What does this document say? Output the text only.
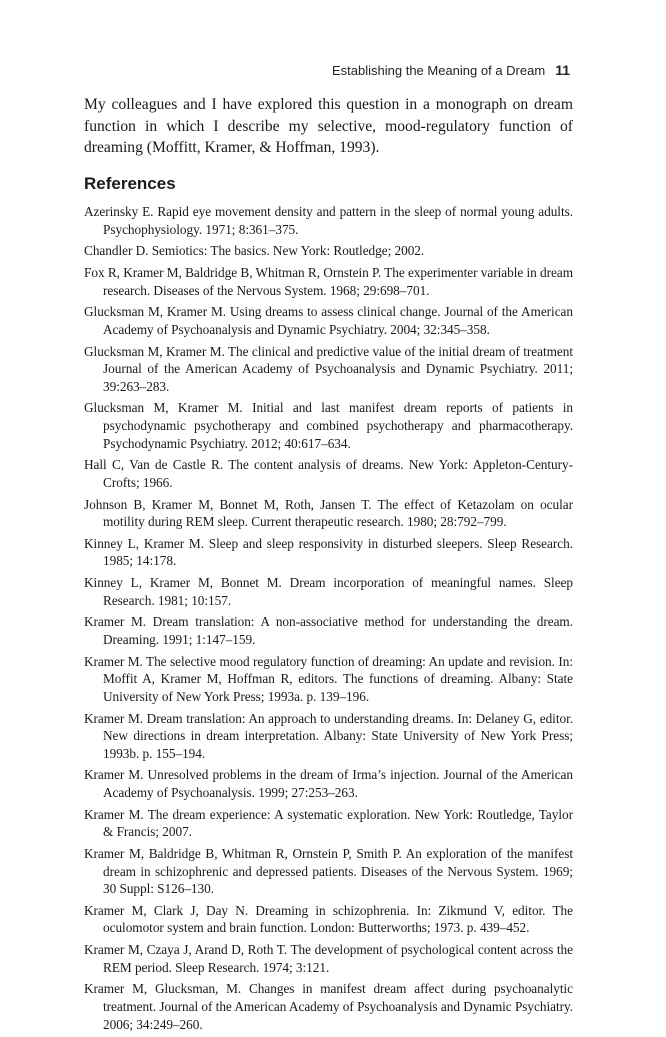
Establishing the Meaning of a Dream 11

My colleagues and I have explored this question in a monograph on dream function in which I describe my selective, mood-regulatory function of dreaming (Moffitt, Kramer, & Hoffman, 1993).

References
Azerinsky E. Rapid eye movement density and pattern in the sleep of normal young adults. Psychophysiology. 1971; 8:361–375.
Chandler D. Semiotics: The basics. New York: Routledge; 2002.
Fox R, Kramer M, Baldridge B, Whitman R, Ornstein P. The experimenter variable in dream research. Diseases of the Nervous System. 1968; 29:698–701.
Glucksman M, Kramer M. Using dreams to assess clinical change. Journal of the American Academy of Psychoanalysis and Dynamic Psychiatry. 2004; 32:345–358.
Glucksman M, Kramer M. The clinical and predictive value of the initial dream of treatment Journal of the American Academy of Psychoanalysis and Dynamic Psychiatry. 2011; 39:263–283.
Glucksman M, Kramer M. Initial and last manifest dream reports of patients in psychodynamic psychotherapy and combined psychotherapy and pharmacotherapy. Psychodynamic Psychiatry. 2012; 40:617–634.
Hall C, Van de Castle R. The content analysis of dreams. New York: Appleton-Century-Crofts; 1966.
Johnson B, Kramer M, Bonnet M, Roth, Jansen T. The effect of Ketazolam on ocular motility during REM sleep. Current therapeutic research. 1980; 28:792–799.
Kinney L, Kramer M. Sleep and sleep responsivity in disturbed sleepers. Sleep Research. 1985; 14:178.
Kinney L, Kramer M, Bonnet M. Dream incorporation of meaningful names. Sleep Research. 1981; 10:157.
Kramer M. Dream translation: A non-associative method for understanding the dream. Dreaming. 1991; 1:147–159.
Kramer M. The selective mood regulatory function of dreaming: An update and revision. In: Moffit A, Kramer M, Hoffman R, editors. The functions of dreaming. Albany: State University of New York Press; 1993a. p. 139–196.
Kramer M. Dream translation: An approach to understanding dreams. In: Delaney G, editor. New directions in dream interpretation. Albany: State University of New York Press; 1993b. p. 155–194.
Kramer M. Unresolved problems in the dream of Irma’s injection. Journal of the American Academy of Psychoanalysis. 1999; 27:253–263.
Kramer M. The dream experience: A systematic exploration. New York: Routledge, Taylor & Francis; 2007.
Kramer M, Baldridge B, Whitman R, Ornstein P, Smith P. An exploration of the manifest dream in schizophrenic and depressed patients. Diseases of the Nervous System. 1969; 30 Suppl: S126–130.
Kramer M, Clark J, Day N. Dreaming in schizophrenia. In: Zikmund V, editor. The oculomotor system and brain function. London: Butterworths; 1973. p. 439–452.
Kramer M, Czaya J, Arand D, Roth T. The development of psychological content across the REM period. Sleep Research. 1974; 3:121.
Kramer M, Glucksman, M. Changes in manifest dream affect during psychoanalytic treatment. Journal of the American Academy of Psychoanalysis and Dynamic Psychiatry. 2006; 34:249–260.
